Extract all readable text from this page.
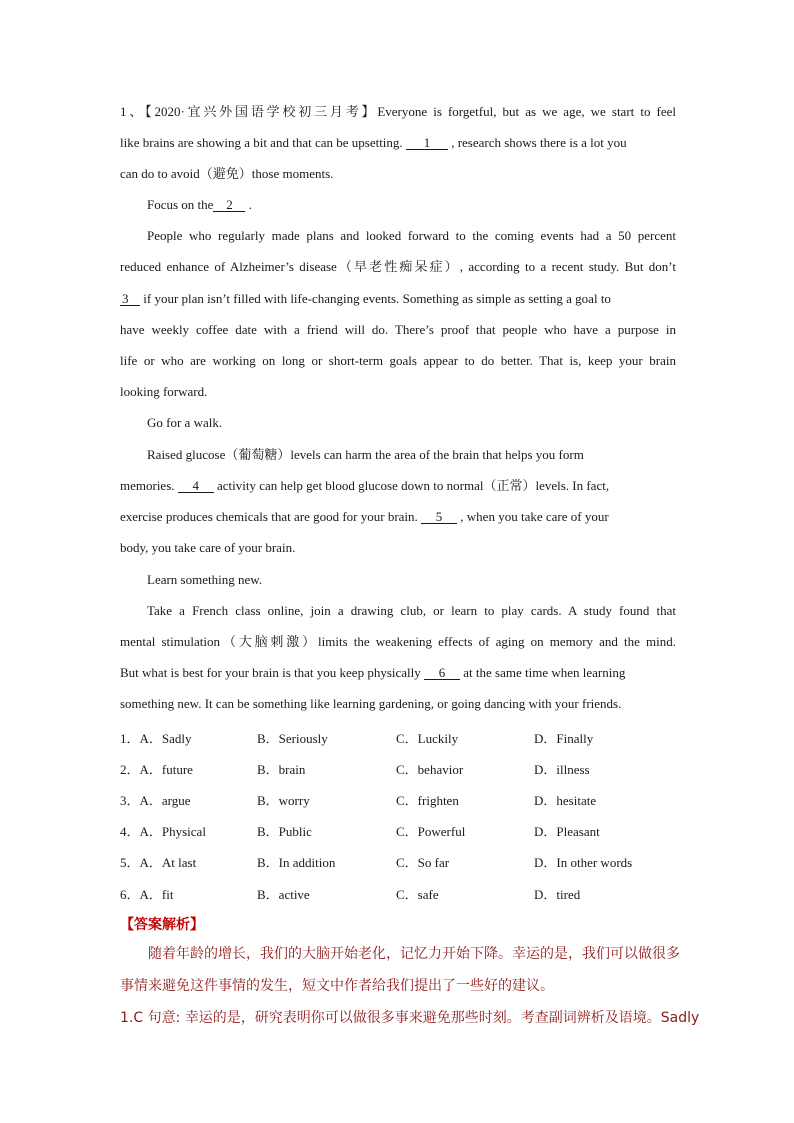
1、【2020·宜兴外国语学校初三月考】Everyone is forgetful, but as we age, we start to feel
like brains are showing a bit and that can be upsetting. 1 , research shows there is a lot you
can do to avoid（避免）those moments.
Focus on the 2 .
People who regularly made plans and looked forward to the coming events had a 50 percent
reduced enhance of Alzheimer’s disease（早老性痴呆症）, according to a recent study. But don’t
3 if your plan isn’t filled with life-changing events. Something as simple as setting a goal to
have weekly coffee date with a friend will do. There’s proof that people who have a purpose in
life or who are working on long or short-term goals appear to do better. That is, keep your brain
looking forward.
Go for a walk.
Raised glucose（葡萄糖）levels can harm the area of the brain that helps you form
memories. 4 activity can help get blood glucose down to normal（正常）levels. In fact,
exercise produces chemicals that are good for your brain. 5 , when you take care of your
body, you take care of your brain.
Learn something new.
Take a French class online, join a drawing club, or learn to play cards. A study found that
mental stimulation（大脑刺激）limits the weakening effects of aging on memory and the mind.
But what is best for your brain is that you keep physically 6 at the same time when learning
something new. It can be something like learning gardening, or going dancing with your friends.
1．A．Sadly	B．Seriously	C．Luckily	D．Finally
2．A．future	B．brain	C．behavior	D．illness
3．A．argue	B．worry	C．frighten	D．hesitate
4．A．Physical	B．Public	C．Powerful	D．Pleasant
5．A．At last	B．In addition	C．So far	D．In other words
6．A．fit	B．active	C．safe	D．tired
【答案解析】
随着年龄的增长，我们的大脑开始老化，记忆力开始下降。幸运的是，我们可以做很多
事情来避免这件事情的发生，短文中作者给我们提出了一些好的建议。
1.C 句意: 幸运的是，研究表明你可以做很多事来避免那些时刻。考查副词辨析及语境。Sadly
